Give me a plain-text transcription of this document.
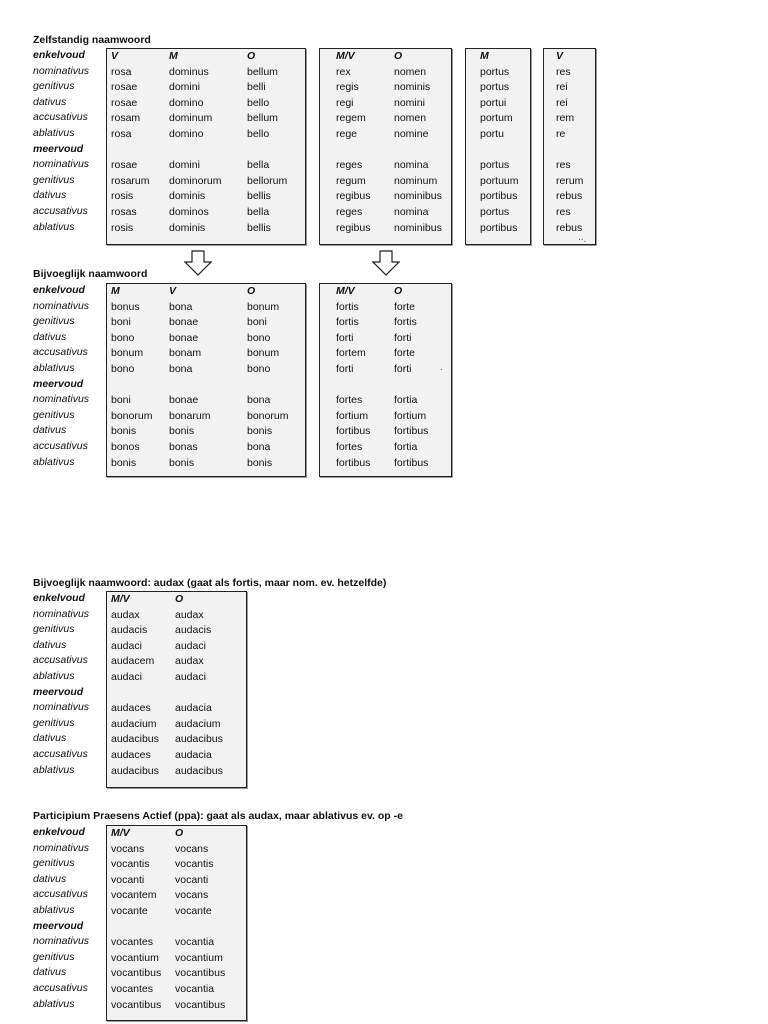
Zelfstandig naamwoord
enkelvoud
nominativus
genitivus
dativus
accusativus
ablativus
meervoud
nominativus
genitivus
dativus
accusativus
ablativus
V	M	O
rosa	dominus	bellum
rosae	domini	belli
rosae	domino	bello
rosam	dominum	bellum
rosa	domino	bello
rosae	domini	bella
rosarum dominorum bellorum
rosis	dominis	bellis
rosas	dominos	bella
rosis	dominis	bellis
M/V	O
rex	nomen
regis	nominis
regi	nomini
regem	nomen
rege	nomine
reges	nomina
regum	nominum
regibus nominibus
reges	nomina
regibus nominibus
M
portus
portus
portui
portum
portu
portus
portuum
portibus
portus
portibus
V
res
rei
rei
rem
re
res
rerum
rebus
res
rebus
∙∙.
Bijvoeglijk naamwoord
enkelvoud
nominativus
genitivus
dativus
accusativus
ablativus
meervoud
nominativus
genitivus
dativus
accusativus
ablativus
M	V	O
bonus	bona	bonum
boni	bonae	boni
bono	bonae	bono
bonum bonam	bonum
bono	bona	bono
boni	bonae	bona
bonorum bonarum	bonorum
bonis	bonis	bonis
bonos	bonas	bona
bonis	bonis	bonis
M/V	O
fortis	forte
fortis	fortis
forti	forti
fortem	forte
forti	forti
fortes	fortia
fortium fortium
fortibus fortibus
fortes	fortia
fortibus fortibus
.
Bijvoeglijk naamwoord: audax (gaat als fortis, maar nom. ev. hetzelfde)
enkelvoud
nominativus
genitivus
dativus
accusativus
ablativus
meervoud
nominativus
genitivus
dativus
accusativus
ablativus
M/V	O
audax	audax
audacis	audacis
audaci	audaci
audacem audax
audaci	audaci
audaces audacia
audacium audacium
audacibus audacibus
audaces audacia
audacibus audacibus
Participium Praesens Actief (ppa): gaat als audax, maar ablativus ev. op -e
enkelvoud
nominativus
genitivus
dativus
accusativus
ablativus
meervoud
nominativus
genitivus
dativus
accusativus
ablativus
M/V	O
vocans	vocans
vocantis vocantis
vocanti	vocanti
vocantem vocans
vocante	vocante
vocantes vocantia
vocantium vocantium
vocantibus vocantibus
vocantes vocantia
vocantibus vocantibus
